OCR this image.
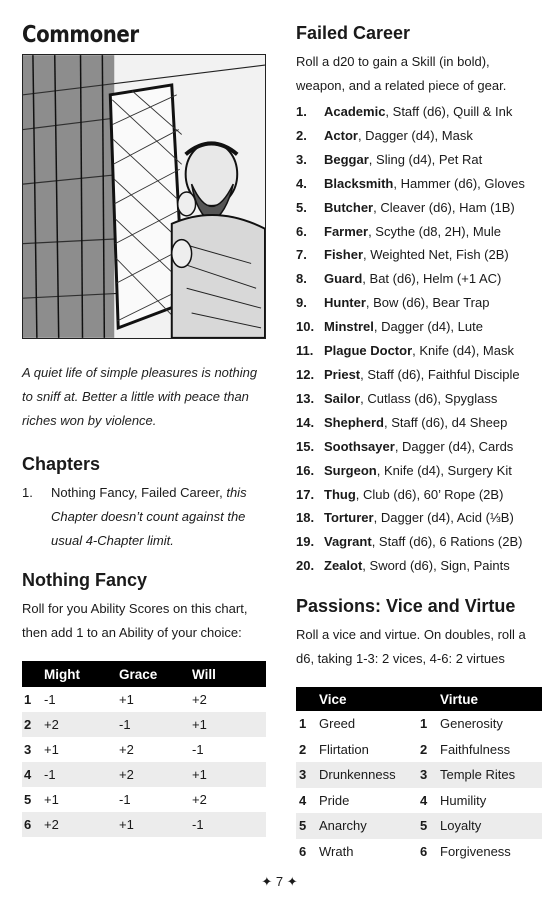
Commoner

A quiet life of simple pleasures is nothing to sniff at. Better a little with peace than riches won by violence.

Chapters
1.	Nothing Fancy, Failed Career, this Chapter doesn’t count against the usual 4-Chapter limit.
Nothing Fancy

Roll for you Ability Scores on this chart, then add 1 to an Ability of your choice:

	Might	Grace	Will
1	-1	+1	+2
2	+2	-1	+1
3	+1	+2	-1
4	-1	+2	+1
5	+1	-1	+2
6	+2	+1	-1
Failed Career

Roll a d20 to gain a Skill (in bold), weapon, and a related piece of gear.

1.	Academic, Staff (d6), Quill & Ink
2.	Actor, Dagger (d4), Mask
3.	Beggar, Sling (d4), Pet Rat
4.	Blacksmith, Hammer (d6), Gloves
5.	Butcher, Cleaver (d6), Ham (1B)
6.	Farmer, Scythe (d8, 2H), Mule
7.	Fisher, Weighted Net, Fish (2B)
8.	Guard, Bat (d6), Helm (+1 AC)
9.	Hunter, Bow (d6), Bear Trap
10. Minstrel, Dagger (d4), Lute
11. Plague Doctor, Knife (d4), Mask
12. Priest, Staff (d6), Faithful Disciple
13. Sailor, Cutlass (d6), Spyglass
14. Shepherd, Staff (d6), d4 Sheep
15. Soothsayer, Dagger (d4), Cards
16. Surgeon, Knife (d4), Surgery Kit
17. Thug, Club (d6), 60’ Rope (2B)
18. Torturer, Dagger (d4), Acid (⅓B)
19. Vagrant, Staff (d6), 6 Rations (2B)
20. Zealot, Sword (d6), Sign, Paints
Passions: Vice and Virtue

Roll a vice and virtue. On doubles, roll a d6, taking 1-3: 2 vices, 4-6: 2 virtues

	Vice		Virtue
1	Greed	1	Generosity
2	Flirtation	2	Faithfulness
3	Drunkenness	3	Temple Rites
4	Pride	4	Humility
5	Anarchy	5	Loyalty
6	Wrath	6	Forgiveness
✦ 7 ✦
